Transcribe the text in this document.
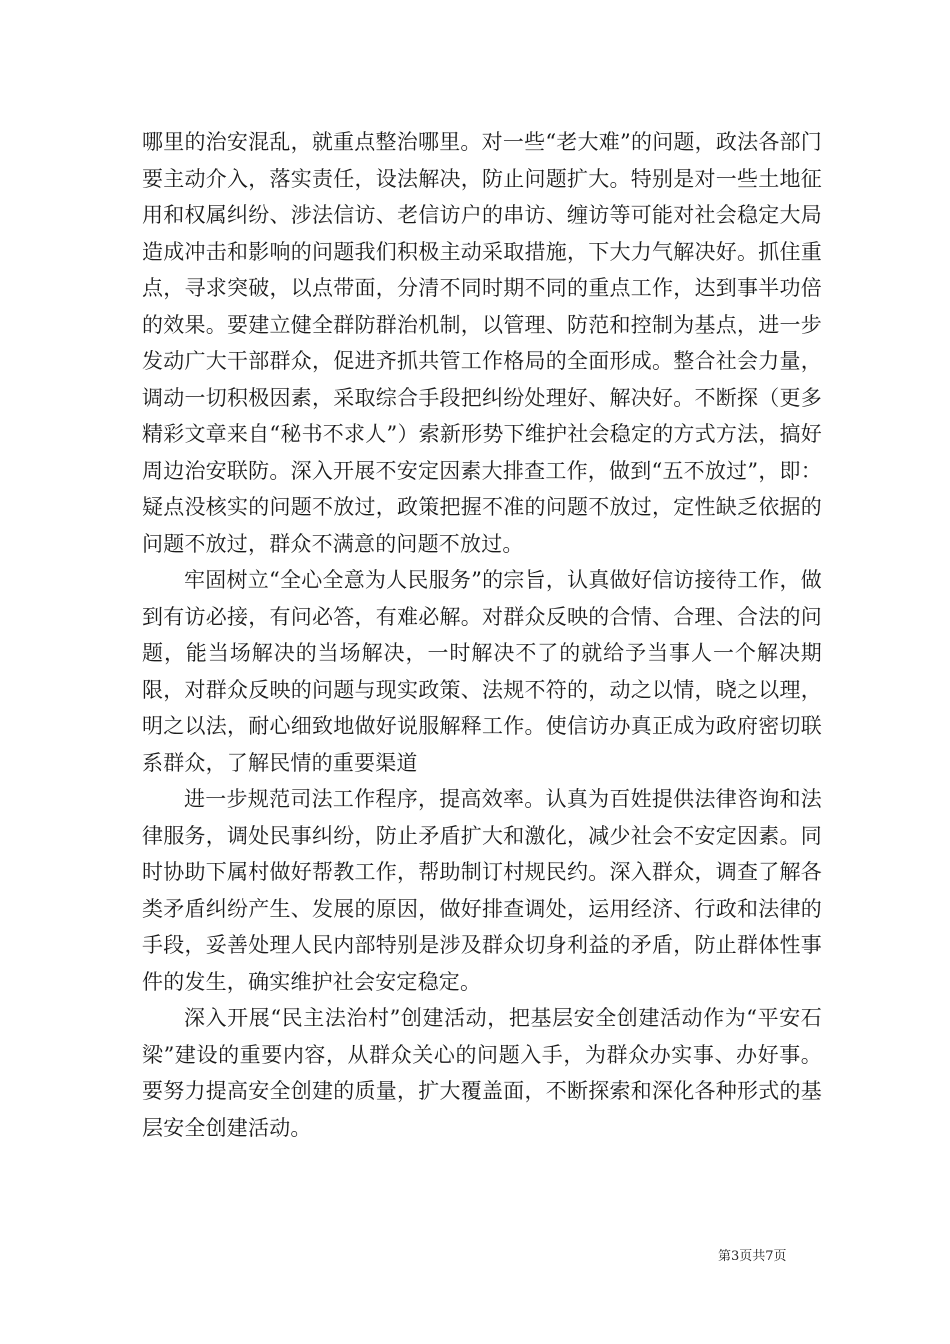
哪里的治安混乱，就重点整治哪里。对一些“老大难”的问题，政法各部门要主动介入，落实责任，设法解决，防止问题扩大。特别是对一些土地征用和权属纠纷、涉法信访、老信访户的串访、缠访等可能对社会稳定大局造成冲击和影响的问题我们积极主动采取措施，下大力气解决好。抓住重点，寻求突破，以点带面，分清不同时期不同的重点工作，达到事半功倍的效果。要建立健全群防群治机制，以管理、防范和控制为基点，进一步发动广大干部群众，促进齐抓共管工作格局的全面形成。整合社会力量，调动一切积极因素，采取综合手段把纠纷处理好、解决好。不断探（更多精彩文章来自“秘书不求人”）索新形势下维护社会稳定的方式方法，搞好周边治安联防。深入开展不安定因素大排查工作，做到“五不放过”，即：疑点没核实的问题不放过，政策把握不准的问题不放过，定性缺乏依据的问题不放过，群众不满意的问题不放过。

牢固树立“全心全意为人民服务”的宗旨，认真做好信访接待工作，做到有访必接，有问必答，有难必解。对群众反映的合情、合理、合法的问题，能当场解决的当场解决，一时解决不了的就给予当事人一个解决期限，对群众反映的问题与现实政策、法规不符的，动之以情，晓之以理，明之以法，耐心细致地做好说服解释工作。使信访办真正成为政府密切联系群众，了解民情的重要渠道

进一步规范司法工作程序，提高效率。认真为百姓提供法律咨询和法律服务，调处民事纠纷，防止矛盾扩大和激化，减少社会不安定因素。同时协助下属村做好帮教工作，帮助制订村规民约。深入群众，调查了解各类矛盾纠纷产生、发展的原因，做好排查调处，运用经济、行政和法律的手段，妥善处理人民内部特别是涉及群众切身利益的矛盾，防止群体性事件的发生，确实维护社会安定稳定。

深入开展“民主法治村”创建活动，把基层安全创建活动作为“平安石梁”建设的重要内容，从群众关心的问题入手，为群众办实事、办好事。要努力提高安全创建的质量，扩大覆盖面，不断探索和深化各种形式的基层安全创建活动。

第3页共7页
